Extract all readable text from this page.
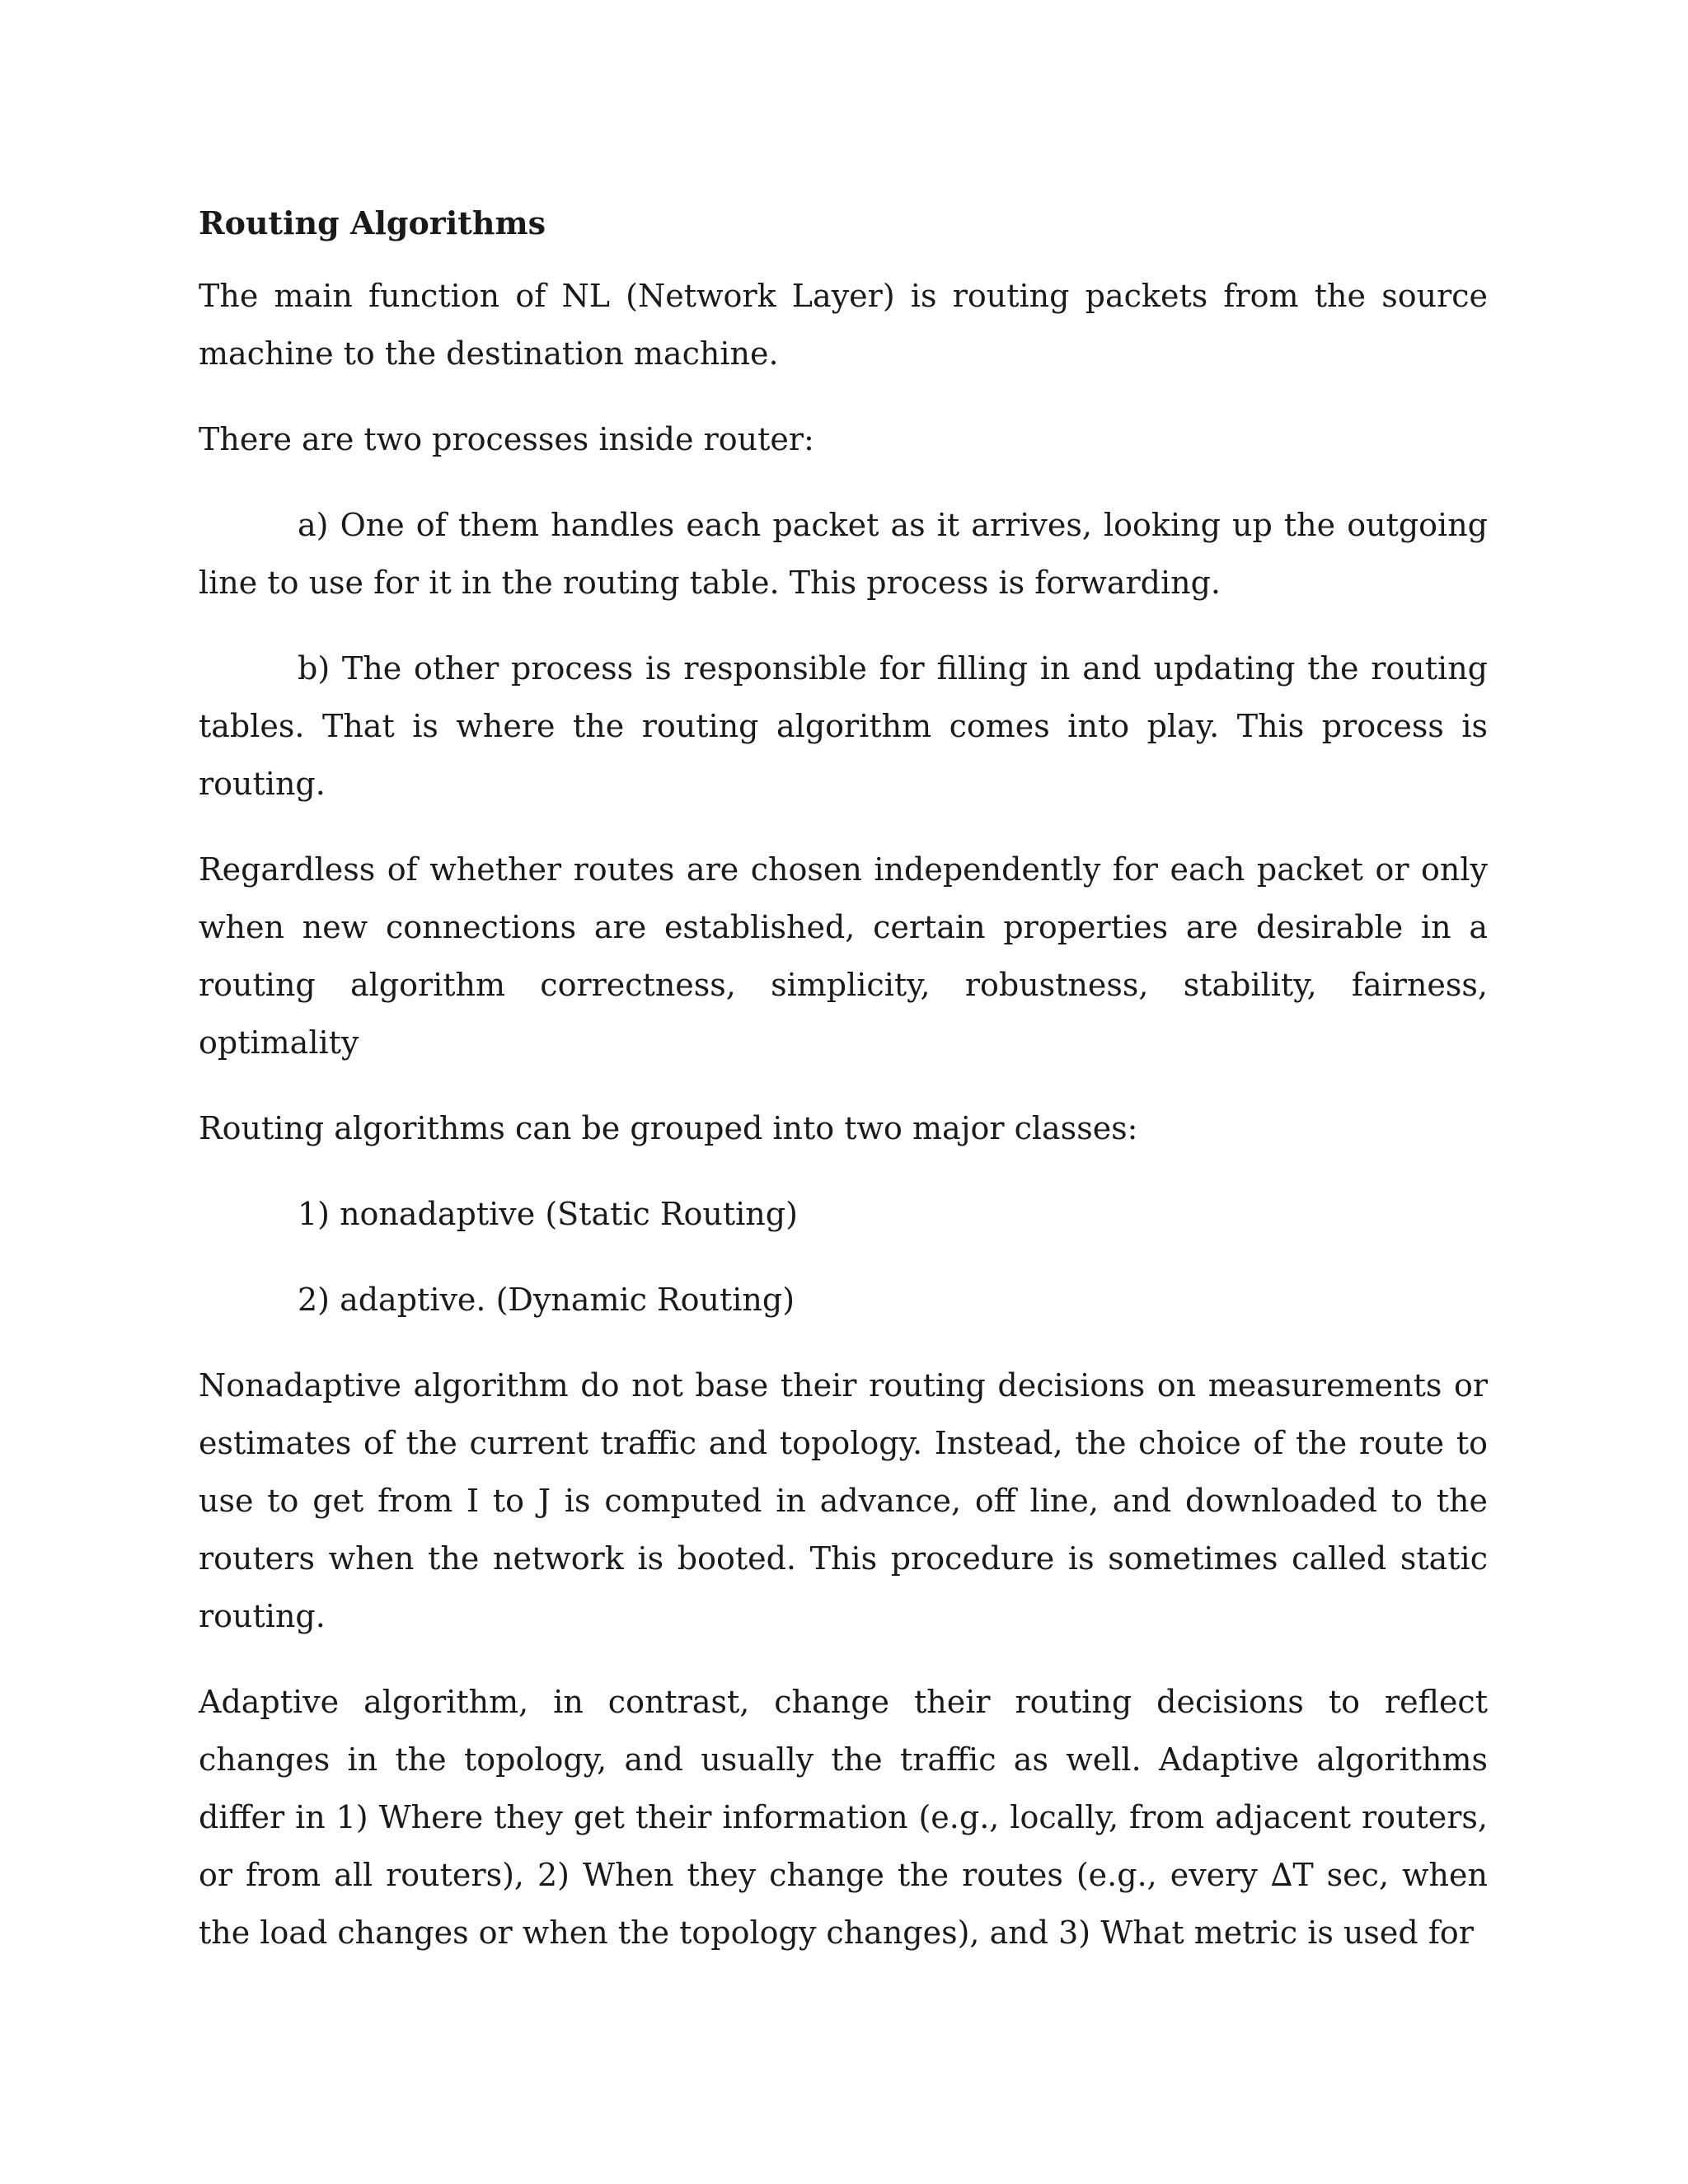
Routing Algorithms
The main function of NL (Network Layer) is routing packets from the source machine to the destination machine.
There are two processes inside router:
a) One of them handles each packet as it arrives, looking up the outgoing line to use for it in the routing table. This process is forwarding.
b) The other process is responsible for filling in and updating the routing tables. That is where the routing algorithm comes into play. This process is routing.
Regardless of whether routes are chosen independently for each packet or only when new connections are established, certain properties are desirable in a routing algorithm correctness, simplicity, robustness, stability, fairness, optimality
Routing algorithms can be grouped into two major classes:
1) nonadaptive (Static Routing)
2) adaptive. (Dynamic Routing)
Nonadaptive algorithm do not base their routing decisions on measurements or estimates of the current traffic and topology. Instead, the choice of the route to use to get from I to J is computed in advance, off line, and downloaded to the routers when the network is booted. This procedure is sometimes called static routing.
Adaptive algorithm, in contrast, change their routing decisions to reflect changes in the topology, and usually the traffic as well. Adaptive algorithms differ in 1) Where they get their information (e.g., locally, from adjacent routers, or from all routers), 2) When they change the routes (e.g., every ∆T sec, when the load changes or when the topology changes), and 3) What metric is used for
